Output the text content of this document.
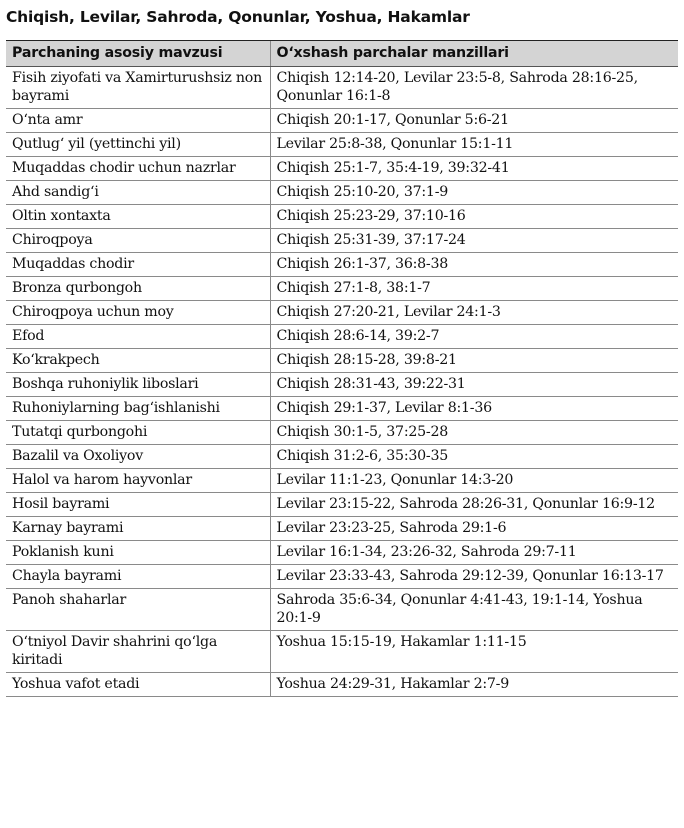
Chiqish, Levilar, Sahroda, Qonunlar, Yoshua, Hakamlar
Parchaning asosiy mavzusi	O‘xshash parchalar manzillari
Fisih ziyofati va Xamirturushsiz non bayrami	Chiqish 12:14-20, Levilar 23:5-8, Sahroda 28:16-25, Qonunlar 16:1-8
O‘nta amr	Chiqish 20:1-17, Qonunlar 5:6-21
Qutlug‘ yil (yettinchi yil)	Levilar 25:8-38, Qonunlar 15:1-11
Muqaddas chodir uchun nazrlar	Chiqish 25:1-7, 35:4-19, 39:32-41
Ahd sandig‘i	Chiqish 25:10-20, 37:1-9
Oltin xontaxta	Chiqish 25:23-29, 37:10-16
Chiroqpoya	Chiqish 25:31-39, 37:17-24
Muqaddas chodir	Chiqish 26:1-37, 36:8-38
Bronza qurbongoh	Chiqish 27:1-8, 38:1-7
Chiroqpoya uchun moy	Chiqish 27:20-21, Levilar 24:1-3
Efod	Chiqish 28:6-14, 39:2-7
Ko‘krakpech	Chiqish 28:15-28, 39:8-21
Boshqa ruhoniylik liboslari	Chiqish 28:31-43, 39:22-31
Ruhoniylarning bag‘ishlanishi	Chiqish 29:1-37, Levilar 8:1-36
Tutatqi qurbongohi	Chiqish 30:1-5, 37:25-28
Bazalil va Oxoliyov	Chiqish 31:2-6, 35:30-35
Halol va harom hayvonlar	Levilar 11:1-23, Qonunlar 14:3-20
Hosil bayrami	Levilar 23:15-22, Sahroda 28:26-31, Qonunlar 16:9-12
Karnay bayrami	Levilar 23:23-25, Sahroda 29:1-6
Poklanish kuni	Levilar 16:1-34, 23:26-32, Sahroda 29:7-11
Chayla bayrami	Levilar 23:33-43, Sahroda 29:12-39, Qonunlar 16:13-17
Panoh shaharlar	Sahroda 35:6-34, Qonunlar 4:41-43, 19:1-14, Yoshua 20:1-9
O‘tniyol Davir shahrini qo‘lga kiritadi	Yoshua 15:15-19, Hakamlar 1:11-15
Yoshua vafot etadi	Yoshua 24:29-31, Hakamlar 2:7-9
